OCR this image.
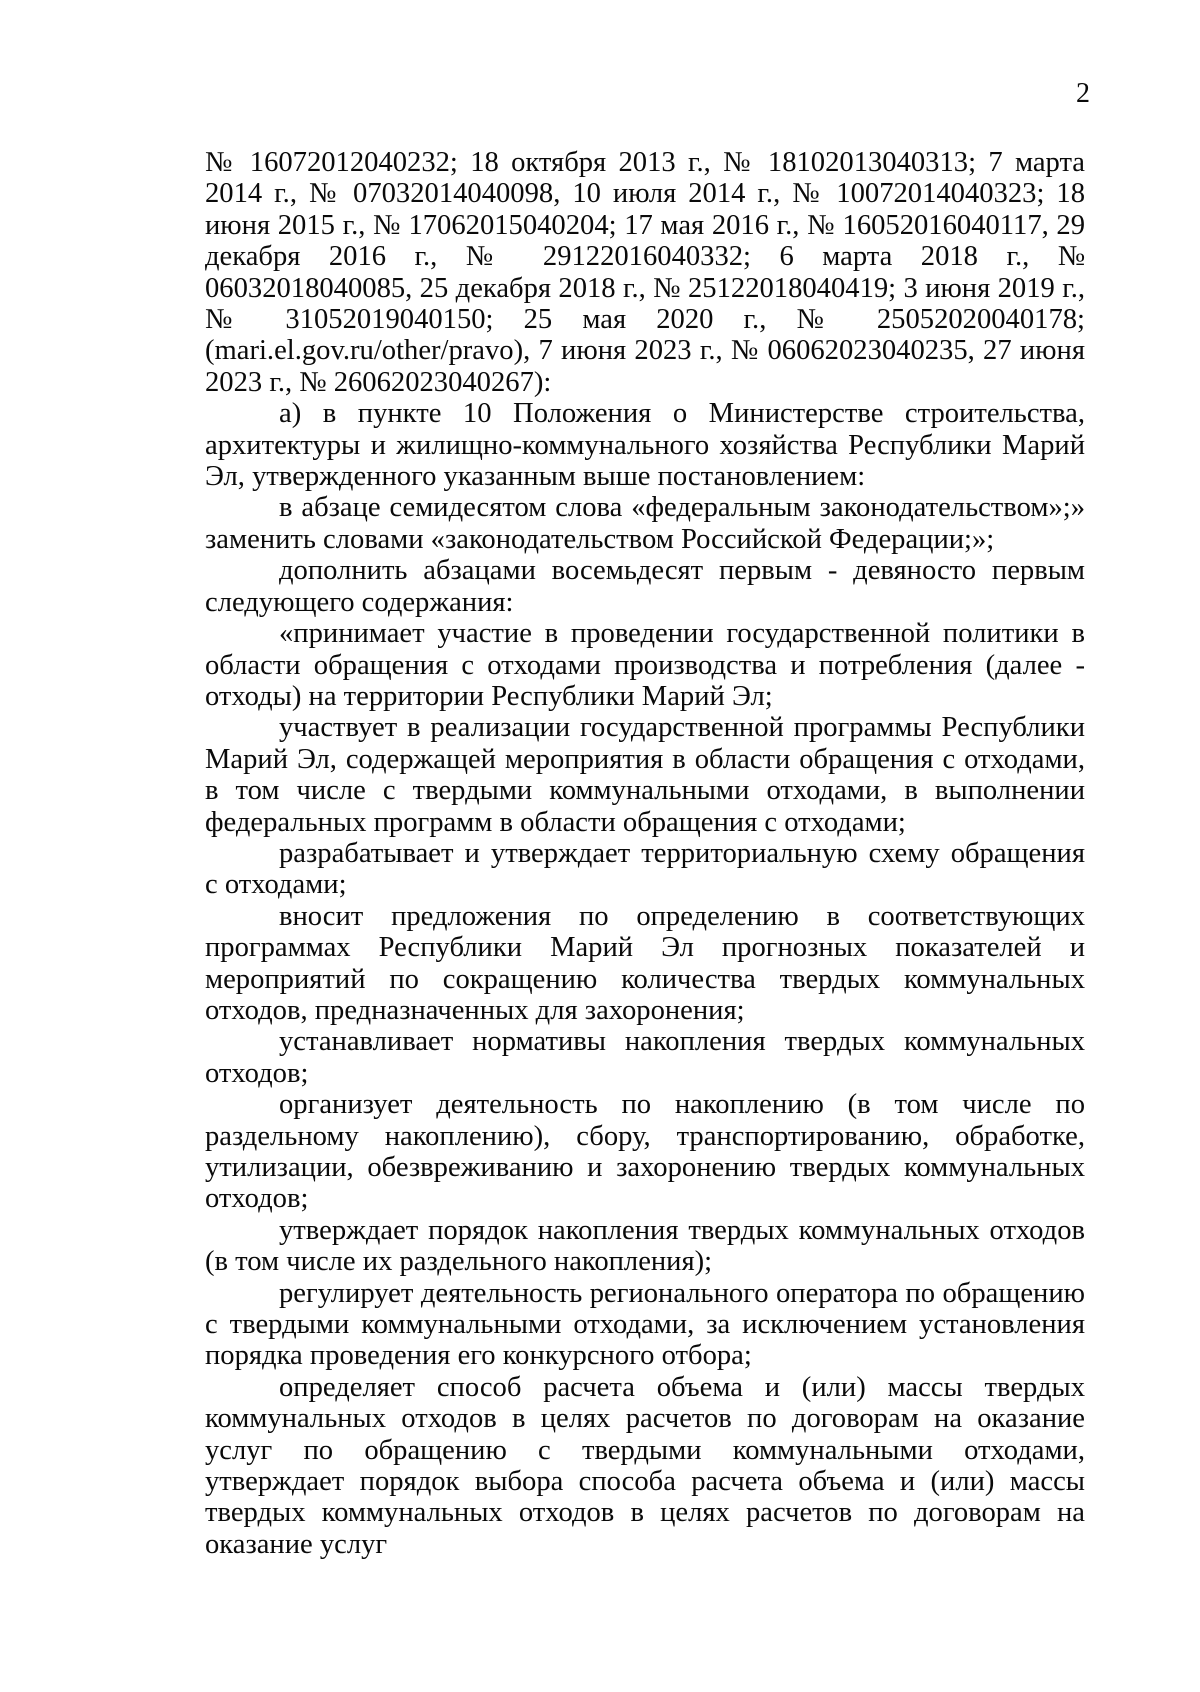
2

№ 16072012040232; 18 октября 2013 г., № 18102013040313; 7 марта 2014 г., № 07032014040098, 10 июля 2014 г., № 10072014040323; 18 июня 2015 г., № 17062015040204; 17 мая 2016 г., № 16052016040117, 29 декабря 2016 г., № 29122016040332; 6 марта 2018 г., № 06032018040085, 25 декабря 2018 г., № 25122018040419; 3 июня 2019 г., № 31052019040150; 25 мая 2020 г., № 25052020040178; (mari.el.gov.ru/other/pravo), 7 июня 2023 г., № 06062023040235, 27 июня 2023 г., № 26062023040267):

а) в пункте 10 Положения о Министерстве строительства, архитектуры и жилищно-коммунального хозяйства Республики Марий Эл, утвержденного указанным выше постановлением:

в абзаце семидесятом слова «федеральным законодательством»;» заменить словами «законодательством Российской Федерации;»;

дополнить абзацами восемьдесят первым - девяносто первым следующего содержания:

«принимает участие в проведении государственной политики в области обращения с отходами производства и потребления (далее - отходы) на территории Республики Марий Эл;

участвует в реализации государственной программы Республики Марий Эл, содержащей мероприятия в области обращения с отходами, в том числе с твердыми коммунальными отходами, в выполнении федеральных программ в области обращения с отходами;

разрабатывает и утверждает территориальную схему обращения с отходами;

вносит предложения по определению в соответствующих программах Республики Марий Эл прогнозных показателей и мероприятий по сокращению количества твердых коммунальных отходов, предназначенных для захоронения;

устанавливает нормативы накопления твердых коммунальных отходов;

организует деятельность по накоплению (в том числе по раздельному накоплению), сбору, транспортированию, обработке, утилизации, обезвреживанию и захоронению твердых коммунальных отходов;

утверждает порядок накопления твердых коммунальных отходов (в том числе их раздельного накопления);

регулирует деятельность регионального оператора по обращению с твердыми коммунальными отходами, за исключением установления порядка проведения его конкурсного отбора;

определяет способ расчета объема и (или) массы твердых коммунальных отходов в целях расчетов по договорам на оказание услуг по обращению с твердыми коммунальными отходами, утверждает порядок выбора способа расчета объема и (или) массы твердых коммунальных отходов в целях расчетов по договорам на оказание услуг
